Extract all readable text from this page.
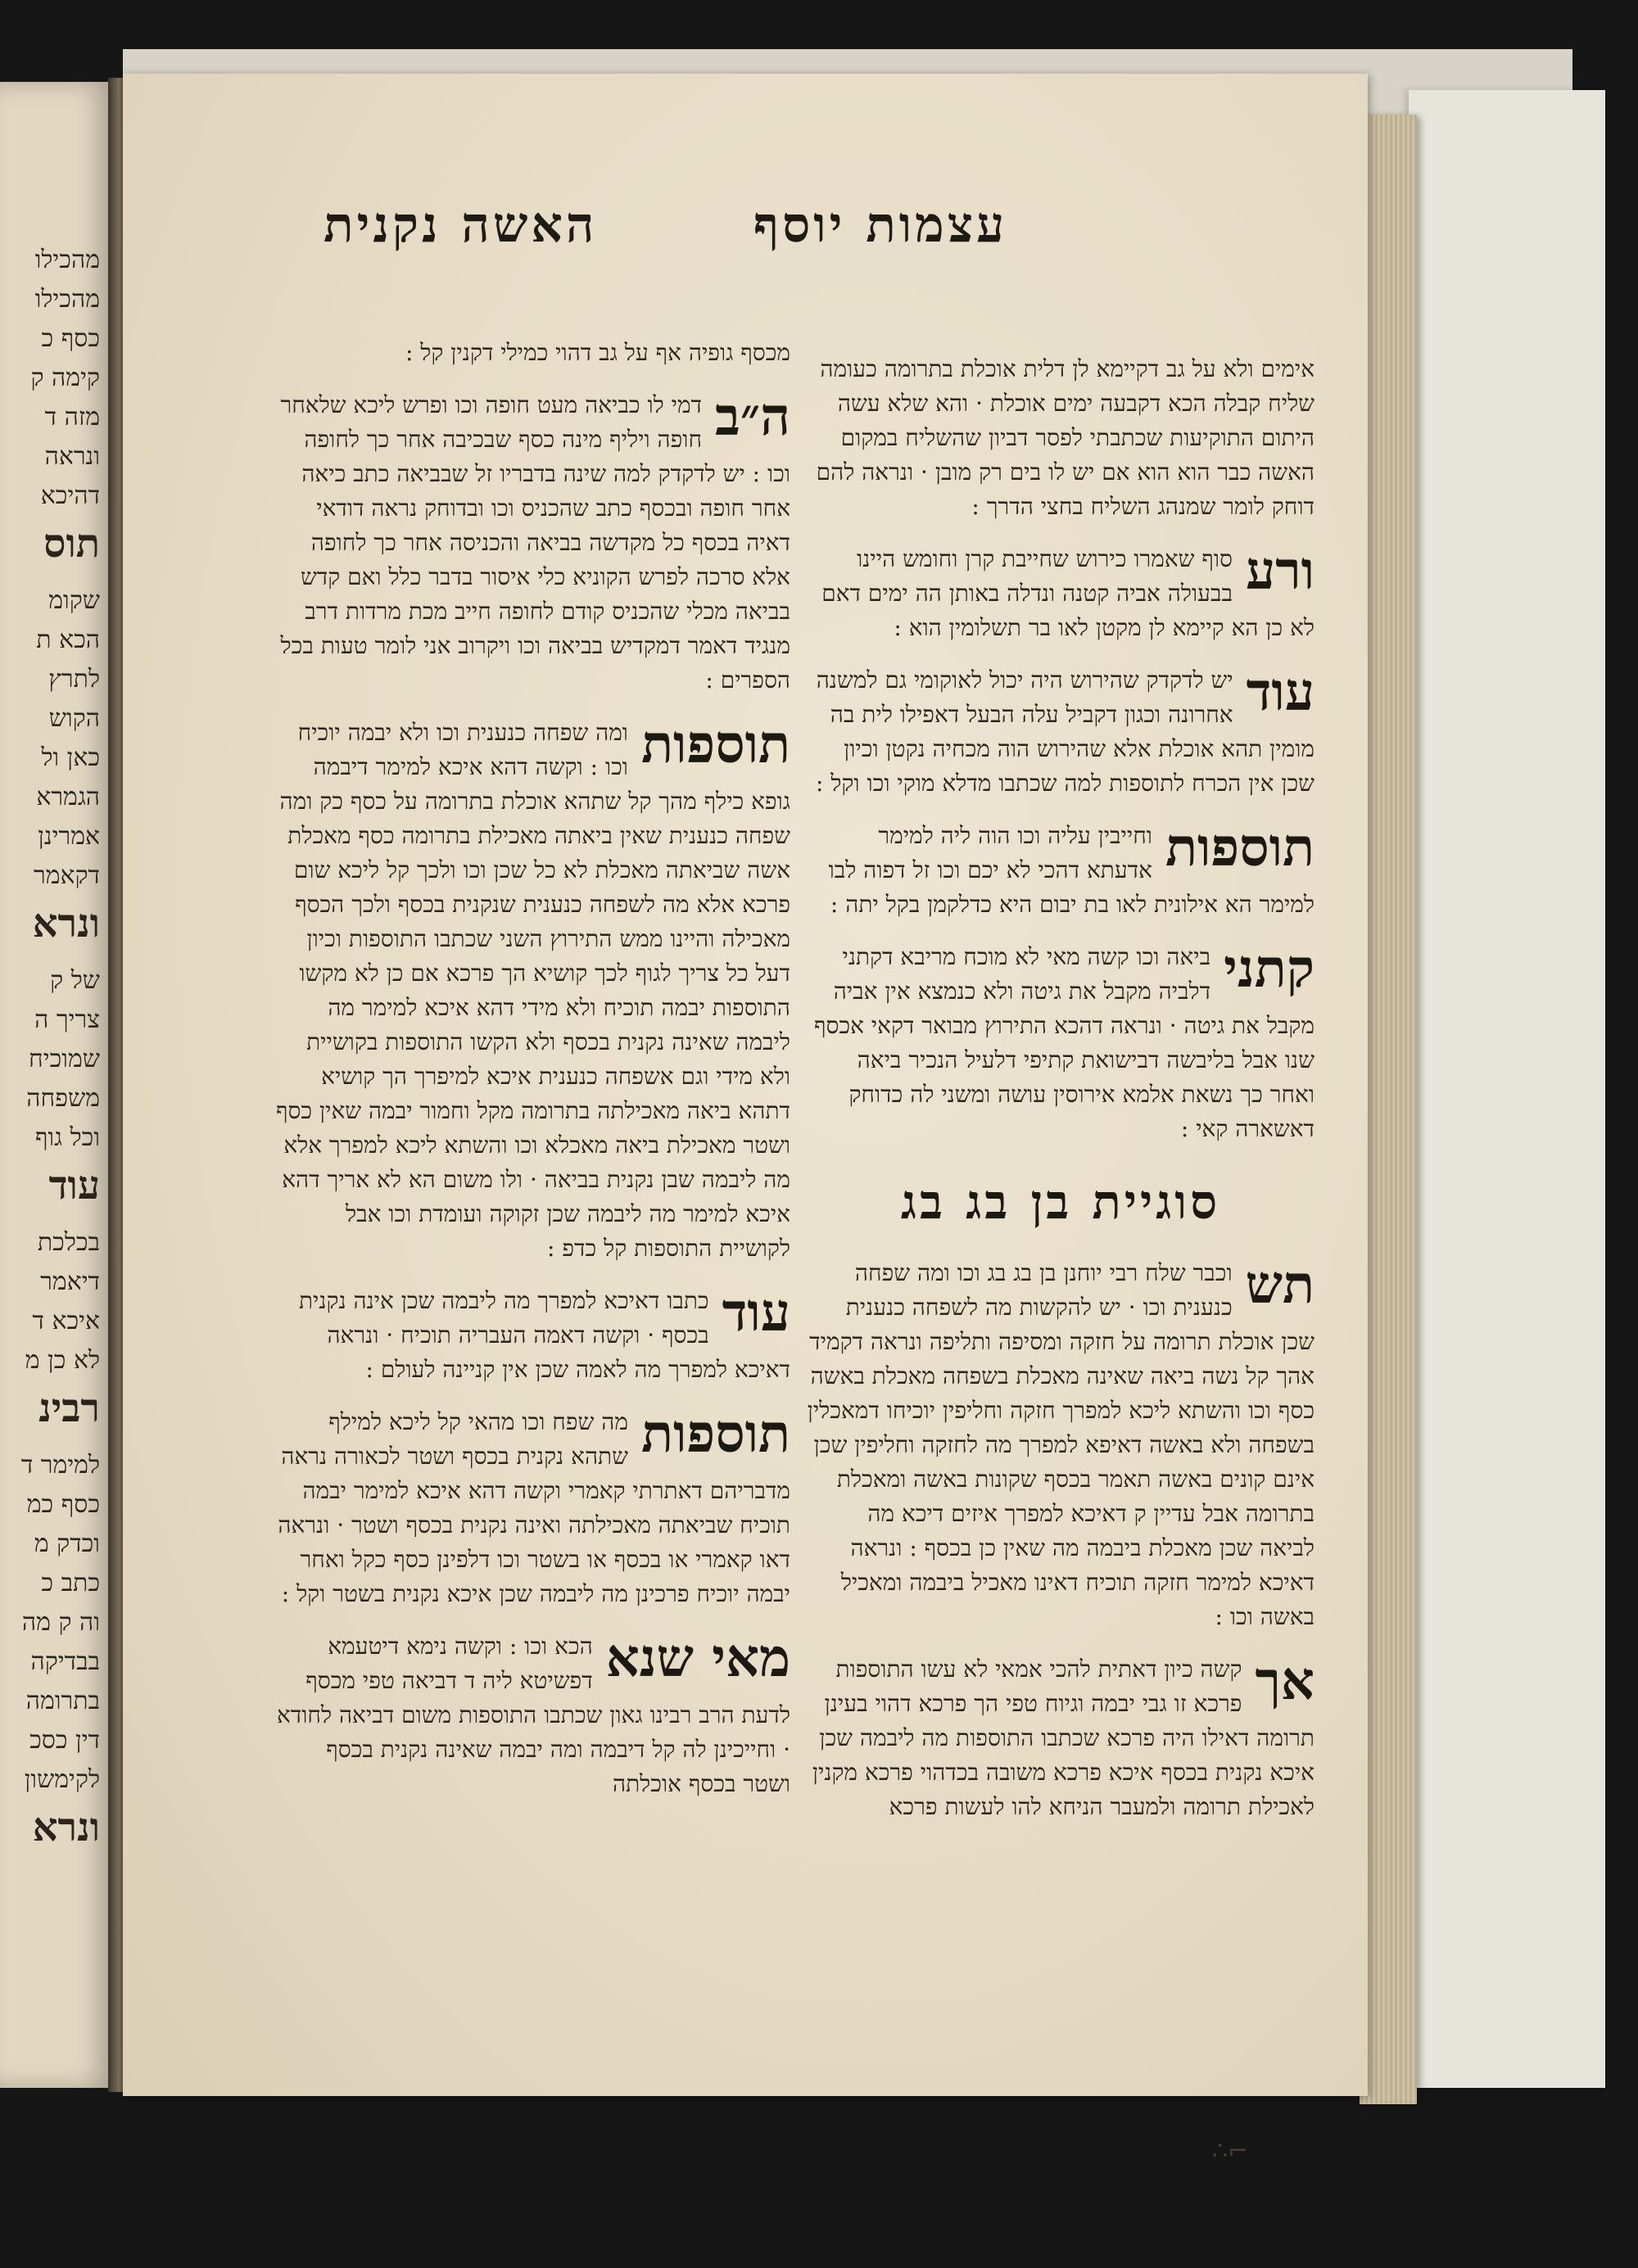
מהכילו
מהכילו
כסף כ
קימה ק
מזה ד
ונראה
דהיכא
תוס
שקומ
הכא ת
לתרץ
הקוש
כאן ול
הגמרא
אמרינן
דקאמר
ונרא
של ק
צריך ה
שמוכיח
משפחה
וכל גוף
עוד
בכלכת
דיאמר
איכא ד
לא כן מ
רבינ
למימר ד
כסף כמ
וכדק מ
כתב כ
וה ק מה
בבדיקה
בתרומה
דין כסכ
לקימשון
ונרא
עצמות יוסף
האשה נקנית
אימים ולא על גב דקיימא לן דלית אוכלת בתרומה כעומה שליח קבלה הכא דקבעה ימים אוכלת · והא שלא עשה היתום התוקיעות שכתבתי לפסר דביון שהשליח במקום האשה כבר הוא הוא אם יש לו בים רק מובן · ונראה להם דוחק לומר שמנהג השליח בחצי הדרך :
ורע
סוף שאמרו כירוש שחייבת קרן וחומש היינו בבעולה אביה קטנה ונדלה באותן הה ימים דאם לא כן הא קיימא לן מקטן לאו בר תשלומין הוא :
עוד
יש לדקדק שהירוש היה יכול לאוקומי גם למשנה אחרונה וכגון דקביל עלה הבעל דאפילו לית בה מומין תהא אוכלת אלא שהירוש הוה מכחיה נקטן וכיון שכן אין הכרח לתוספות למה שכתבו מדלא מוקי וכו וקל :
תוספות
וחייבין עליה וכו הוה ליה למימר אדעתא דהכי לא יכם וכו זל דפוה לבו למימר הא אילונית לאו בת יבום היא כדלקמן בקל יתה :
קתני
ביאה וכו קשה מאי לא מוכח מריבא דקתני דלביה מקבל את גיטה ולא כנמצא אין אביה מקבל את גיטה · ונראה דהכא התירוץ מבואר דקאי אכסף שנו אבל בליבשה דבישואת קתיפי דלעיל הנכיר ביאה ואחר כך נשאת אלמא אירוסין עושה ומשני לה כדוחק דאשארה קאי :
סוגיית בן בג בג
תש
וכבר שלח רבי יוחנן בן בג בג וכו ומה שפחה כנענית וכו · יש להקשות מה לשפחה כנענית שכן אוכלת תרומה על חזקה ומסיפה ותליפה ונראה דקמיד אהך קל נשה ביאה שאינה מאכלת בשפחה מאכלת באשה כסף וכו והשתא ליכא למפרך חזקה וחליפין יוכיחו דמאכלין בשפחה ולא באשה דאיפא למפרך מה לחזקה וחליפין שכן אינם קונים באשה תאמר בכסף שקונות באשה ומאכלת בתרומה אבל עדיין ק דאיכא למפרך איזים דיכא מה לביאה שכן מאכלת ביבמה מה שאין כן בכסף : ונראה דאיכא למימר חזקה תוכיח דאינו מאכיל ביבמה ומאכיל באשה וכו :
אך
קשה כיון דאתית להכי אמאי לא עשו התוספות פרכא זו גבי יבמה וגיוח טפי הך פרכא דהוי בעינן תרומה דאילו היה פרכא שכתבו התוספות מה ליבמה שכן איכא נקנית בכסף איכא פרכא משובה בכדהוי פרכא מקנין לאכילת תרומה ולמעבר הניחא להו לעשות פרכא
מכסף גופיה אף על גב דהוי כמילי דקנין קל :
ה״ב
דמי לו כביאה מעט חופה וכו ופרש ליכא שלאחר חופה ויליף מינה כסף שבכיבה אחר כך לחופה וכו : יש לדקדק למה שינה בדבריו זל שבביאה כתב כיאה אחר חופה ובכסף כתב שהכניס וכו ובדוחק נראה דודאי דאיה בכסף כל מקדשה בביאה והכניסה אחר כך לחופה אלא סרכה לפרש הקוניא כלי איסור בדבר כלל ואם קדש בביאה מכלי שהכניס קודם לחופה חייב מכת מרדות דרב מנגיד דאמר דמקדיש בביאה וכו ויקרוב אני לומר טעות בכל הספרים :
תוספות
ומה שפחה כנענית וכו ולא יבמה יוכיח וכו : וקשה דהא איכא למימר דיבמה גופא כילף מהך קל שתהא אוכלת בתרומה על כסף כק ומה שפחה כנענית שאין ביאתה מאכילת בתרומה כסף מאכלת אשה שביאתה מאכלת לא כל שכן וכו ולכך קל ליכא שום פרכא אלא מה לשפחה כנענית שנקנית בכסף ולכך הכסף מאכילה והיינו ממש התירוץ השני שכתבו התוספות וכיון דעל כל צריך לגוף לכך קושיא הך פרכא אם כן לא מקשו התוספות יבמה תוכיח ולא מידי דהא איכא למימר מה ליבמה שאינה נקנית בכסף ולא הקשו התוספות בקושיית ולא מידי וגם אשפחה כנענית איכא למיפרך הך קושיא דתהא ביאה מאכילתה בתרומה מקל וחמור יבמה שאין כסף ושטר מאכילת ביאה מאכלא וכו והשתא ליכא למפרך אלא מה ליבמה שבן נקנית בביאה · ולו משום הא לא אריך דהא איכא למימר מה ליבמה שכן זקוקה ועומדת וכו אבל לקושיית התוספות קל כדפ :
עוד
כתבו דאיכא למפרך מה ליבמה שכן אינה נקנית בכסף · וקשה דאמה העבריה תוכיח · ונראה דאיכא למפרך מה לאמה שכן אין קניינה לעולם :
תוספות
מה שפח וכו מהאי קל ליכא למילף שתהא נקנית בכסף ושטר לכאורה נראה מדבריהם דאתרתי קאמרי וקשה דהא איכא למימר יבמה תוכיח שביאתה מאכילתה ואינה נקנית בכסף ושטר · ונראה דאו קאמרי או בכסף או בשטר וכו דלפינן כסף כקל ואחר יבמה יוכיח פרכינן מה ליבמה שכן איכא נקנית בשטר וקל :
מאי שנא
הכא וכו : וקשה נימא דיטעמא דפשיטא ליה ד דביאה טפי מכסף לדעת הרב רבינו גאון שכתבו התוספות משום דביאה לחודא · וחייכינן לה קל דיבמה ומה יבמה שאינה נקנית בכסף ושטר בכסף אוכלתה
∴⌐
